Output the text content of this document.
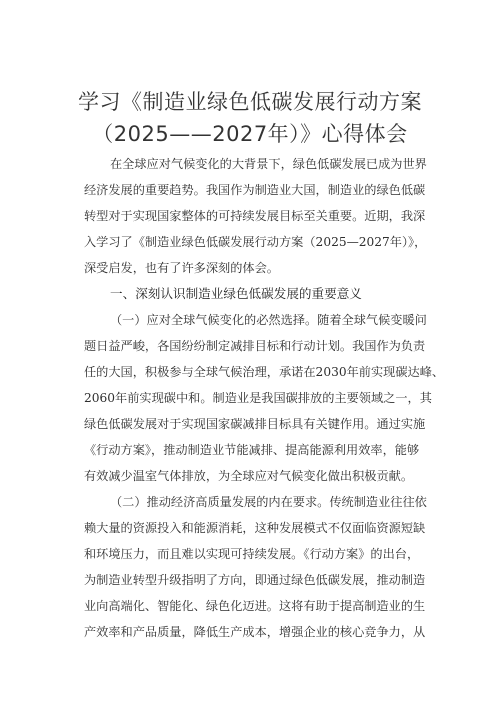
学习《制造业绿色低碳发展行动方案
（2025——2027年）》心得体会
在全球应对气候变化的大背景下，绿色低碳发展已成为世界
经济发展的重要趋势。我国作为制造业大国，制造业的绿色低碳
转型对于实现国家整体的可持续发展目标至关重要。近期，我深
入学习了《制造业绿色低碳发展行动方案（2025—2027年）》，
深受启发，也有了许多深刻的体会。
一、深刻认识制造业绿色低碳发展的重要意义
（一）应对全球气候变化的必然选择。随着全球气候变暖问
题日益严峻，各国纷纷制定减排目标和行动计划。我国作为负责
任的大国，积极参与全球气候治理，承诺在2030年前实现碳达峰、
2060年前实现碳中和。制造业是我国碳排放的主要领域之一，其
绿色低碳发展对于实现国家碳减排目标具有关键作用。通过实施
《行动方案》，推动制造业节能减排、提高能源利用效率，能够
有效减少温室气体排放，为全球应对气候变化做出积极贡献。
（二）推动经济高质量发展的内在要求。传统制造业往往依
赖大量的资源投入和能源消耗，这种发展模式不仅面临资源短缺
和环境压力，而且难以实现可持续发展。《行动方案》的出台，
为制造业转型升级指明了方向，即通过绿色低碳发展，推动制造
业向高端化、智能化、绿色化迈进。这将有助于提高制造业的生
产效率和产品质量，降低生产成本，增强企业的核心竞争力，从
